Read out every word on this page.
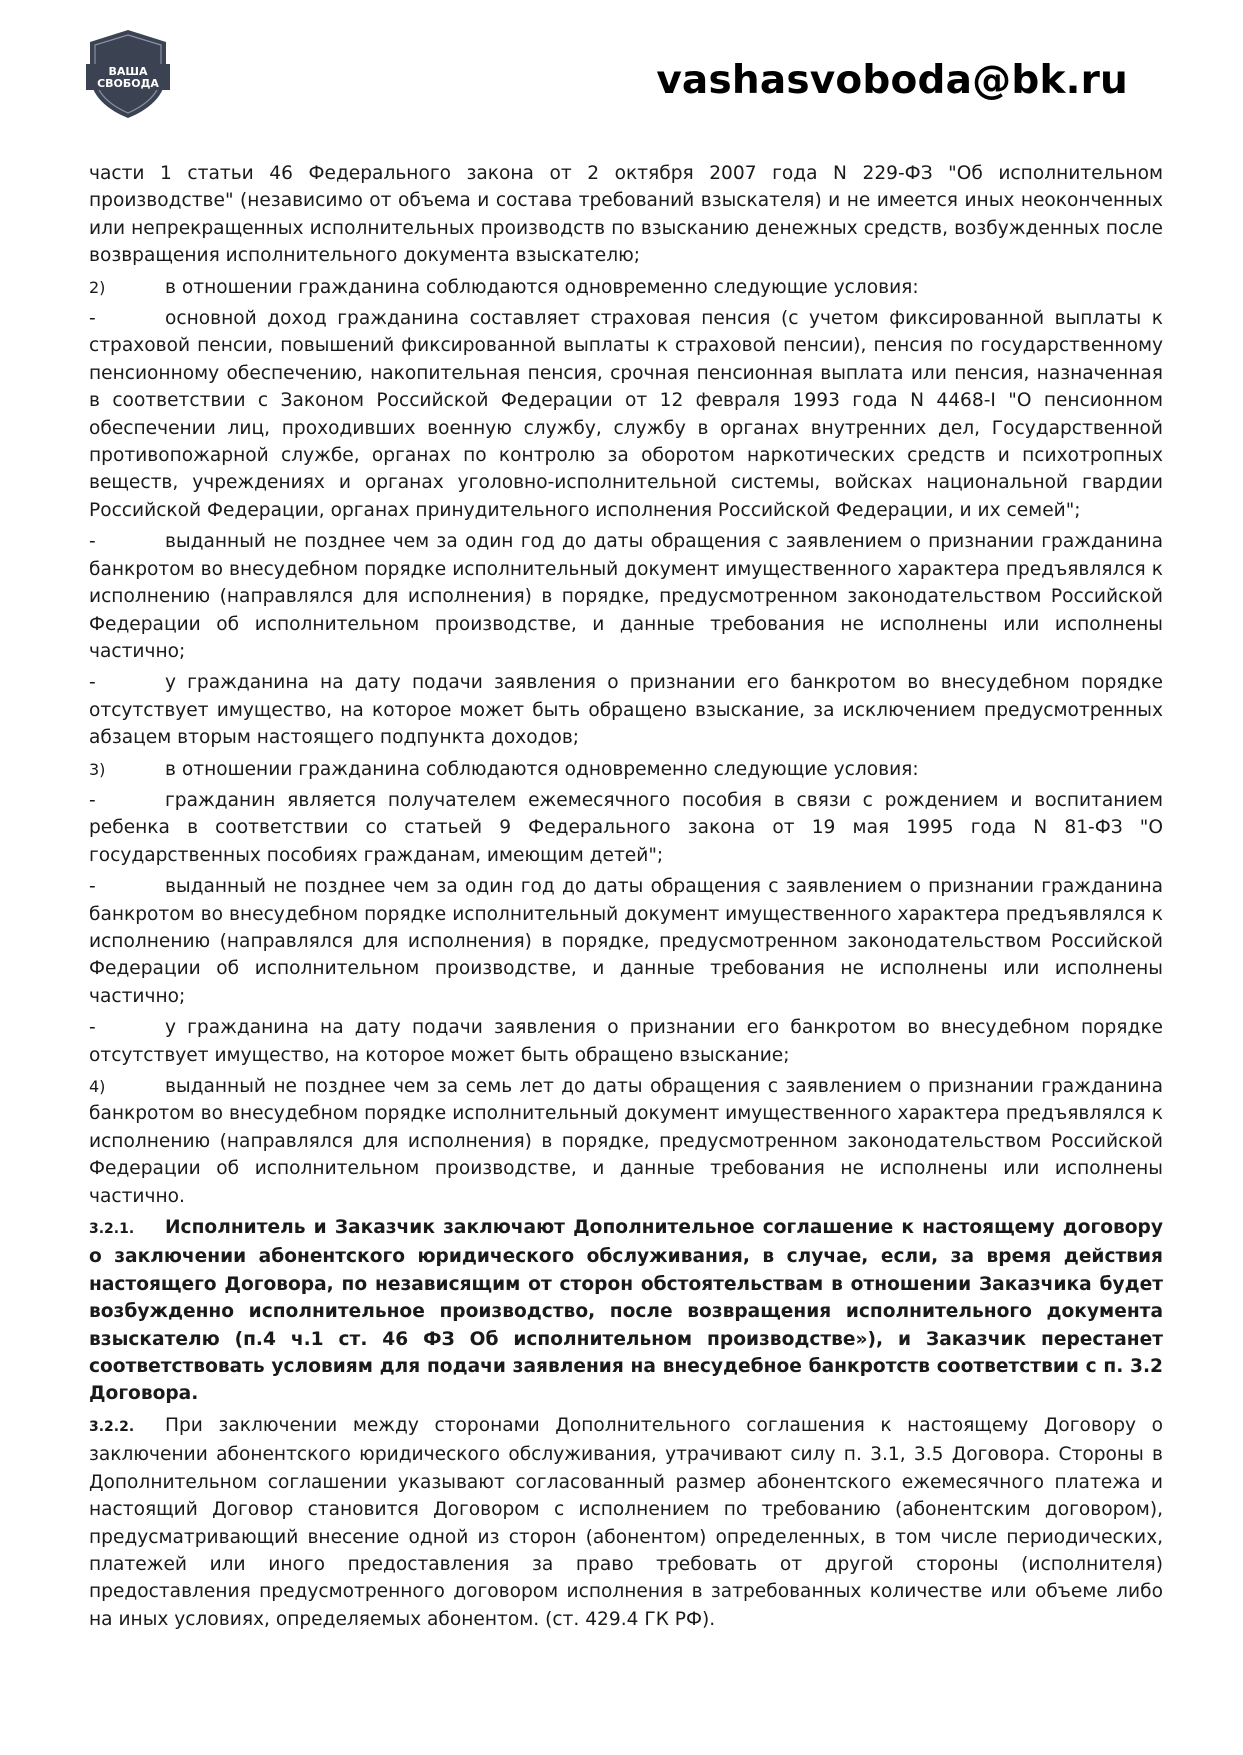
ВАША
СВОБОДА	vashasvoboda@bk.ru

части 1 статьи 46 Федерального закона от 2 октября 2007 года N 229-ФЗ "Об исполнительном производстве" (независимо от объема и состава требований взыскателя) и не имеется иных неоконченных или непрекращенных исполнительных производств по взысканию денежных средств, возбужденных после возвращения исполнительного документа взыскателю;

2)	в отношении гражданина соблюдаются одновременно следующие условия:

-	основной доход гражданина составляет страховая пенсия (с учетом фиксированной выплаты к страховой пенсии, повышений фиксированной выплаты к страховой пенсии), пенсия по государственному пенсионному обеспечению, накопительная пенсия, срочная пенсионная выплата или пенсия, назначенная в соответствии с Законом Российской Федерации от 12 февраля 1993 года N 4468-I "О пенсионном обеспечении лиц, проходивших военную службу, службу в органах внутренних дел, Государственной противопожарной службе, органах по контролю за оборотом наркотических средств и психотропных веществ, учреждениях и органах уголовно-исполнительной системы, войсках национальной гвардии Российской Федерации, органах принудительного исполнения Российской Федерации, и их семей";

-	выданный не позднее чем за один год до даты обращения с заявлением о признании гражданина банкротом во внесудебном порядке исполнительный документ имущественного характера предъявлялся к исполнению (направлялся для исполнения) в порядке, предусмотренном законодательством Российской Федерации об исполнительном производстве, и данные требования не исполнены или исполнены частично;

-	у гражданина на дату подачи заявления о признании его банкротом во внесудебном порядке отсутствует имущество, на которое может быть обращено взыскание, за исключением предусмотренных абзацем вторым настоящего подпункта доходов;

3)	в отношении гражданина соблюдаются одновременно следующие условия:

-	гражданин является получателем ежемесячного пособия в связи с рождением и воспитанием ребенка в соответствии со статьей 9 Федерального закона от 19 мая 1995 года N 81-ФЗ "О государственных пособиях гражданам, имеющим детей";

-	выданный не позднее чем за один год до даты обращения с заявлением о признании гражданина банкротом во внесудебном порядке исполнительный документ имущественного характера предъявлялся к исполнению (направлялся для исполнения) в порядке, предусмотренном законодательством Российской Федерации об исполнительном производстве, и данные требования не исполнены или исполнены частично;

-	у гражданина на дату подачи заявления о признании его банкротом во внесудебном порядке отсутствует имущество, на которое может быть обращено взыскание;

4)	выданный не позднее чем за семь лет до даты обращения с заявлением о признании гражданина банкротом во внесудебном порядке исполнительный документ имущественного характера предъявлялся к исполнению (направлялся для исполнения) в порядке, предусмотренном законодательством Российской Федерации об исполнительном производстве, и данные требования не исполнены или исполнены частично.

3.2.1. Исполнитель и Заказчик заключают Дополнительное соглашение к настоящему договору о заключении абонентского юридического обслуживания, в случае, если, за время действия настоящего Договора, по независящим от сторон обстоятельствам в отношении Заказчика будет возбужденно исполнительное производство, после возвращения исполнительного документа взыскателю (п.4 ч.1 ст. 46 ФЗ Об исполнительном производстве»), и Заказчик перестанет соответствовать условиям для подачи заявления на внесудебное банкротств соответствии с п. 3.2 Договора.

3.2.2. При заключении между сторонами Дополнительного соглашения к настоящему Договору о заключении абонентского юридического обслуживания, утрачивают силу п. 3.1, 3.5 Договора. Стороны в Дополнительном соглашении указывают согласованный размер абонентского ежемесячного платежа и настоящий Договор становится Договором с исполнением по требованию (абонентским договором), предусматривающий внесение одной из сторон (абонентом) определенных, в том числе периодических, платежей или иного предоставления за право требовать от другой стороны (исполнителя) предоставления предусмотренного договором исполнения в затребованных количестве или объеме либо на иных условиях, определяемых абонентом. (ст. 429.4 ГК РФ).
